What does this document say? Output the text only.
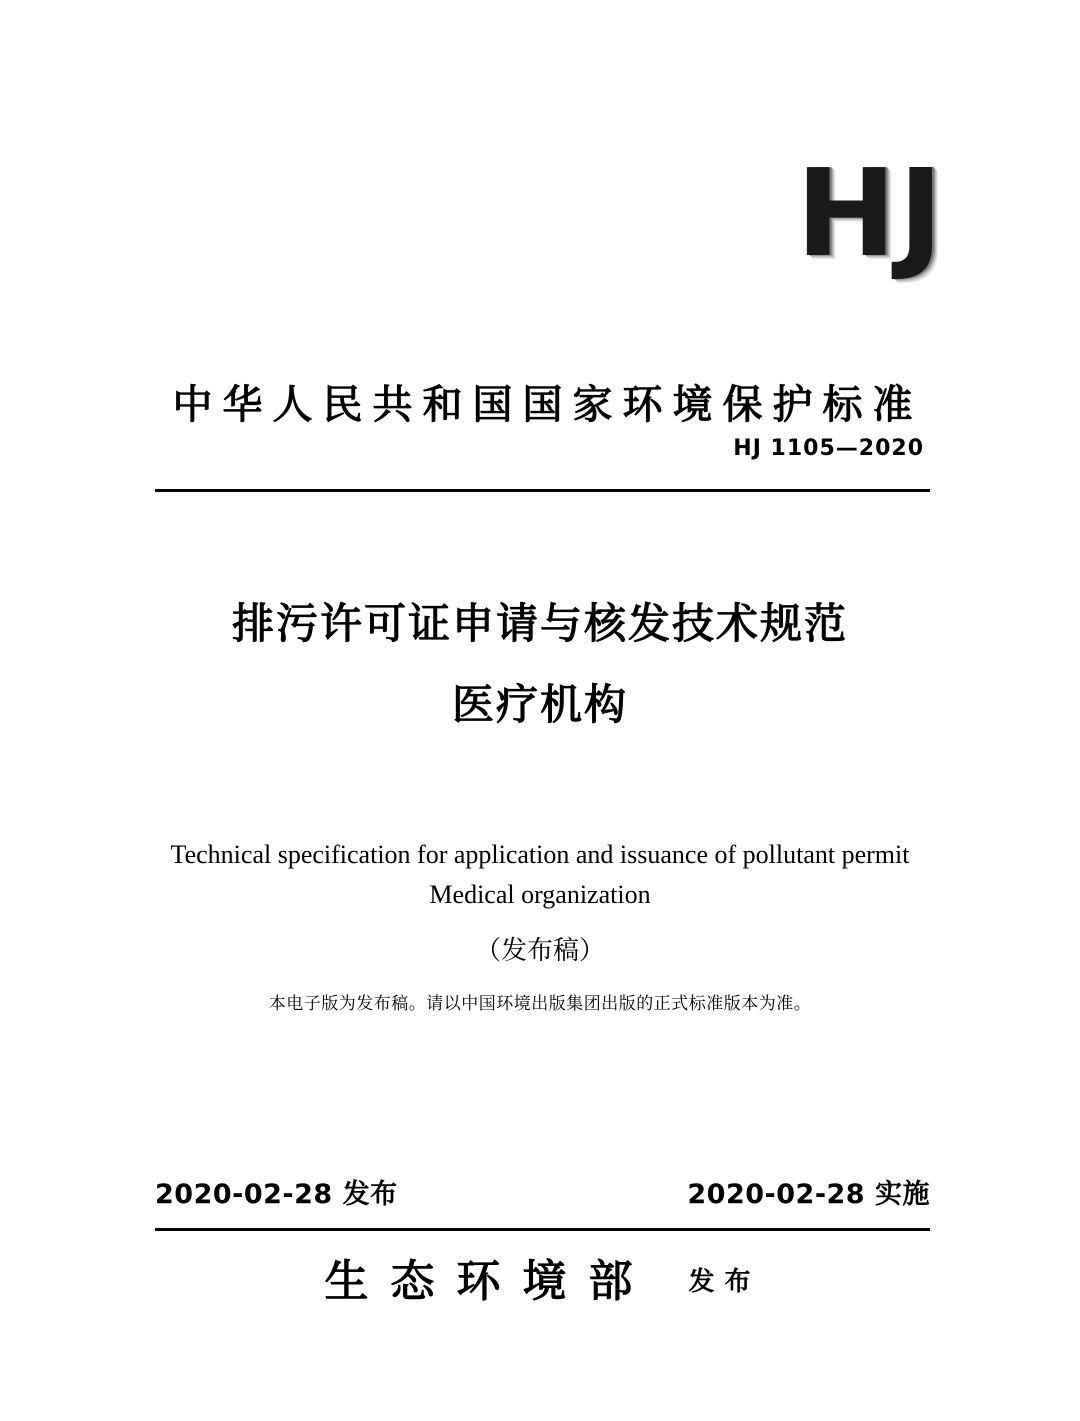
HJ
中华人民共和国国家环境保护标准
HJ 1105—2020
排污许可证申请与核发技术规范
医疗机构
Technical specification for application and issuance of pollutant permit
Medical organization
（发布稿）
本电子版为发布稿。请以中国环境出版集团出版的正式标准版本为准。
2020-02-28 发布	2020-02-28 实施
生态环境部 发布
